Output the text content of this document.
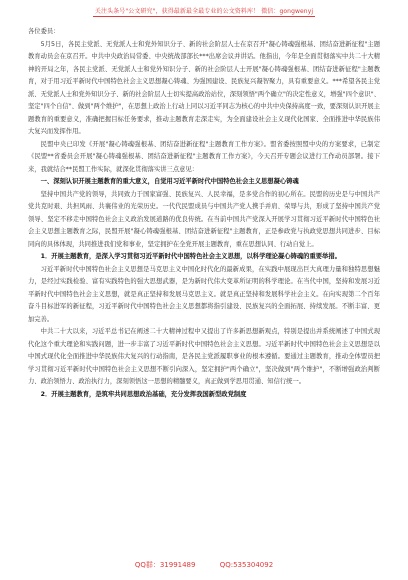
关注头条号"公文研究"，获得最新最全最专业的公文资料库！ 微信：gongwenyj

各位委员：

5月5日，各民主党派、无党派人士和党外知识分子、新的社会阶层人士在京召开"凝心铸魂强根基、团结奋进新征程"主题教育动员会在京召开。中共中央政治局常委、中央统战部部长***出席会议并讲话。他指出，今年是全面贯彻落实中共二十大精神的开局之年，各民主党派、无党派人士和党外知识分子、新的社会阶层人士开展"凝心铸魂强根基、团结奋进新征程"主题教育，对于用习近平新时代中国特色社会主义思想凝心铸魂、为强国建设、民族复兴凝智聚力，具有重要意义。***希望各民主党派、无党派人士和党外知识分子、新的社会阶层人士切实提高政治站位，深刻领悟"两个确立"的决定性意义，增强"四个意识"、坚定"四个自信"、做到"两个维护"，在思想上政治上行动上同以习近平同志为核心的中共中央保持高度一致，要深刻认识开展主题教育的重要意义，准确把握目标任务要求，推动主题教育走深走实，为全面建设社会主义现代化国家、全面推进中华民族伟大复兴而发挥作用。

民盟中央已印发《开展"凝心铸魂强根基、团结奋进新征程"主题教育工作方案》。盟省委按照盟中央的方案要求，已制定《民盟**省委员会开展"凝心铸魂强根基、团结奋进新征程"主题教育工作方案》，今天召开专题会议进行工作动员部署。接下来，我就结合**民盟工作实际，就深化贯彻落实讲三点意见：

一、深刻认识开展主题教育的重大意义，自觉用习近平新时代中国特色社会主义思想凝心铸魂

坚持中国共产党的领导，共同致力于国家富强、民族复兴、人民幸福，是多党合作的初心所在。民盟的历史是与中国共产党共克时艰、共担风雨、共襄伟业的光荣历史。一代代民盟成员与中国共产党人携手并肩、荣辱与共，形成了坚持中国共产党领导、坚定不移走中国特色社会主义政治发展道路的优良传统。在当前中国共产党深入开展学习贯彻习近平新时代中国特色社会主义思想主题教育之际，民盟开展"凝心铸魂强根基、团结奋进新征程"主题教育，正是参政党与执政党思想共同进步、目标同向的具体体现，共同推进我们党和事业，坚定拥护在全党开展主题教育，重在思想认同、行动自觉上。

1．开展主题教育，是深入学习贯彻习近平新时代中国特色社会主义思想，以科学理论凝心铸魂的重要举措。

习近平新时代中国特色社会主义思想是马克思主义中国化时代化的最新成果，在实践中展现出巨大真理力量和独特思想魅力，是经过实践检验、富有实践特色的强大思想武器，是为新时代伟大变革所证明的科学理论。在当代中国，坚持和发展习近平新时代中国特色社会主义思想，就是真正坚持和发展马克思主义。就是真正坚持和发展科学社会主义。在向实现第二个百年奋斗目标进军的新征程，习近平新时代中国特色社会主义思想都将指引建设、民族复兴的全面拓展、持续发展。不断丰富、更加完善。

中共二十大以来，习近平总书记在阐述二十大精神过程中又提出了许多新思想新观点，特别是提出并系统阐述了中国式现代化这个重大理论和实践问题，进一步丰富了习近平新时代中国特色社会主义思想。习近平新时代中国特色社会主义思想是以中国式现代化全面推进中华民族伟大复兴的行动指南，是各民主党派履职事业的根本遵循。要通过主题教育，推动全体盟员把学习贯彻习近平新时代中国特色社会主义思想不断引向深入，坚定拥护"两个确立"，坚决做到"两个维护"，不断增强政治判断力、政治领悟力、政治执行力，深刻领悟这一思想的精髓要义，真正做到学思用贯通、知信行统一。

2．开展主题教育，是筑牢共同思想政治基础，充分发挥我国新型政党制度

QQ群：31991489	QQ:535304092
